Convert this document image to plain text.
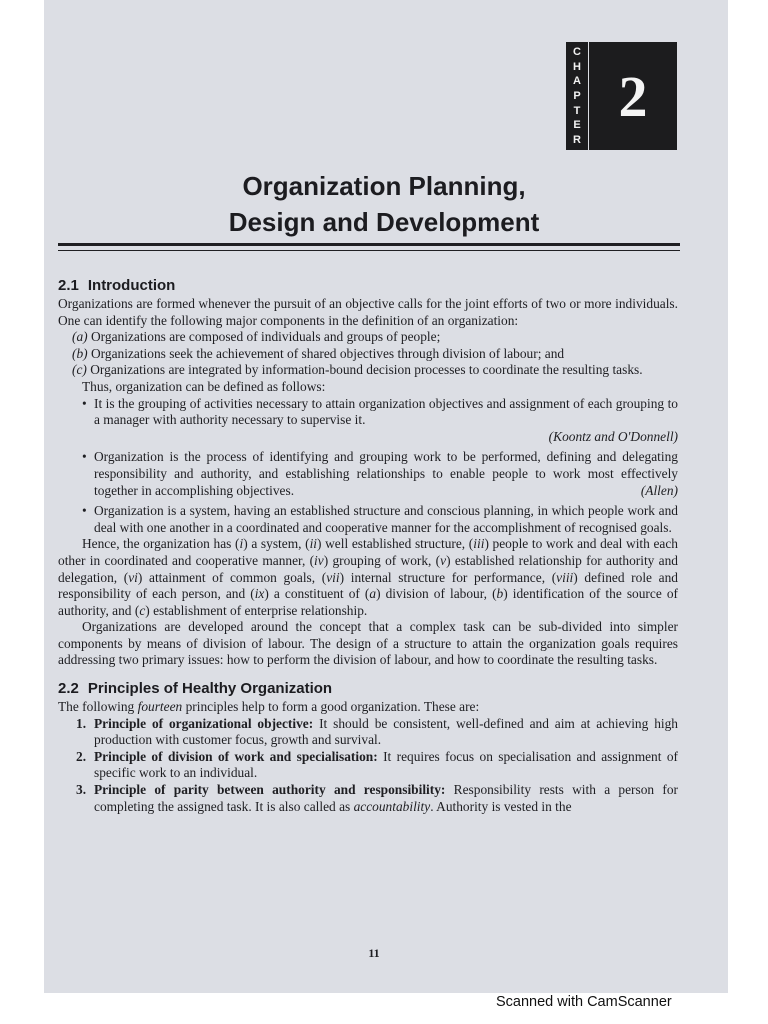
C
H
A
P
T
E
R
2
Organization Planning,
Design and Development
2.1 Introduction

Organizations are formed whenever the pursuit of an objective calls for the joint efforts of two or more individuals. One can identify the following major components in the definition of an organization:

(a) Organizations are composed of individuals and groups of people;
(b) Organizations seek the achievement of shared objectives through division of labour; and
(c) Organizations are integrated by information-bound decision processes to coordinate the resulting tasks.

Thus, organization can be defined as follows:

• It is the grouping of activities necessary to attain organization objectives and assignment of each grouping to a manager with authority necessary to supervise it.
(Koontz and O'Donnell)
• Organization is the process of identifying and grouping work to be performed, defining and delegating responsibility and authority, and establishing relationships to enable people to work most effectively together in accomplishing objectives.	(Allen)
• Organization is a system, having an established structure and conscious planning, in which people work and deal with one another in a coordinated and cooperative manner for the accomplishment of recognised goals.

Hence, the organization has (i) a system, (ii) well established structure, (iii) people to work and deal with each other in coordinated and cooperative manner, (iv) grouping of work, (v) established relationship for authority and delegation, (vi) attainment of common goals, (vii) internal structure for performance, (viii) defined role and responsibility of each person, and (ix) a constituent of (a) division of labour, (b) identification of the source of authority, and (c) establishment of enterprise relationship.

Organizations are developed around the concept that a complex task can be sub-divided into simpler components by means of division of labour. The design of a structure to attain the organization goals requires addressing two primary issues: how to perform the division of labour, and how to coordinate the resulting tasks.

2.2 Principles of Healthy Organization

The following fourteen principles help to form a good organization. These are:

1. Principle of organizational objective: It should be consistent, well-defined and aim at achieving high production with customer focus, growth and survival.
2. Principle of division of work and specialisation: It requires focus on specialisation and assignment of specific work to an individual.
3. Principle of parity between authority and responsibility: Responsibility rests with a person for completing the assigned task. It is also called as accountability. Authority is vested in the
11
Scanned with CamScanner
